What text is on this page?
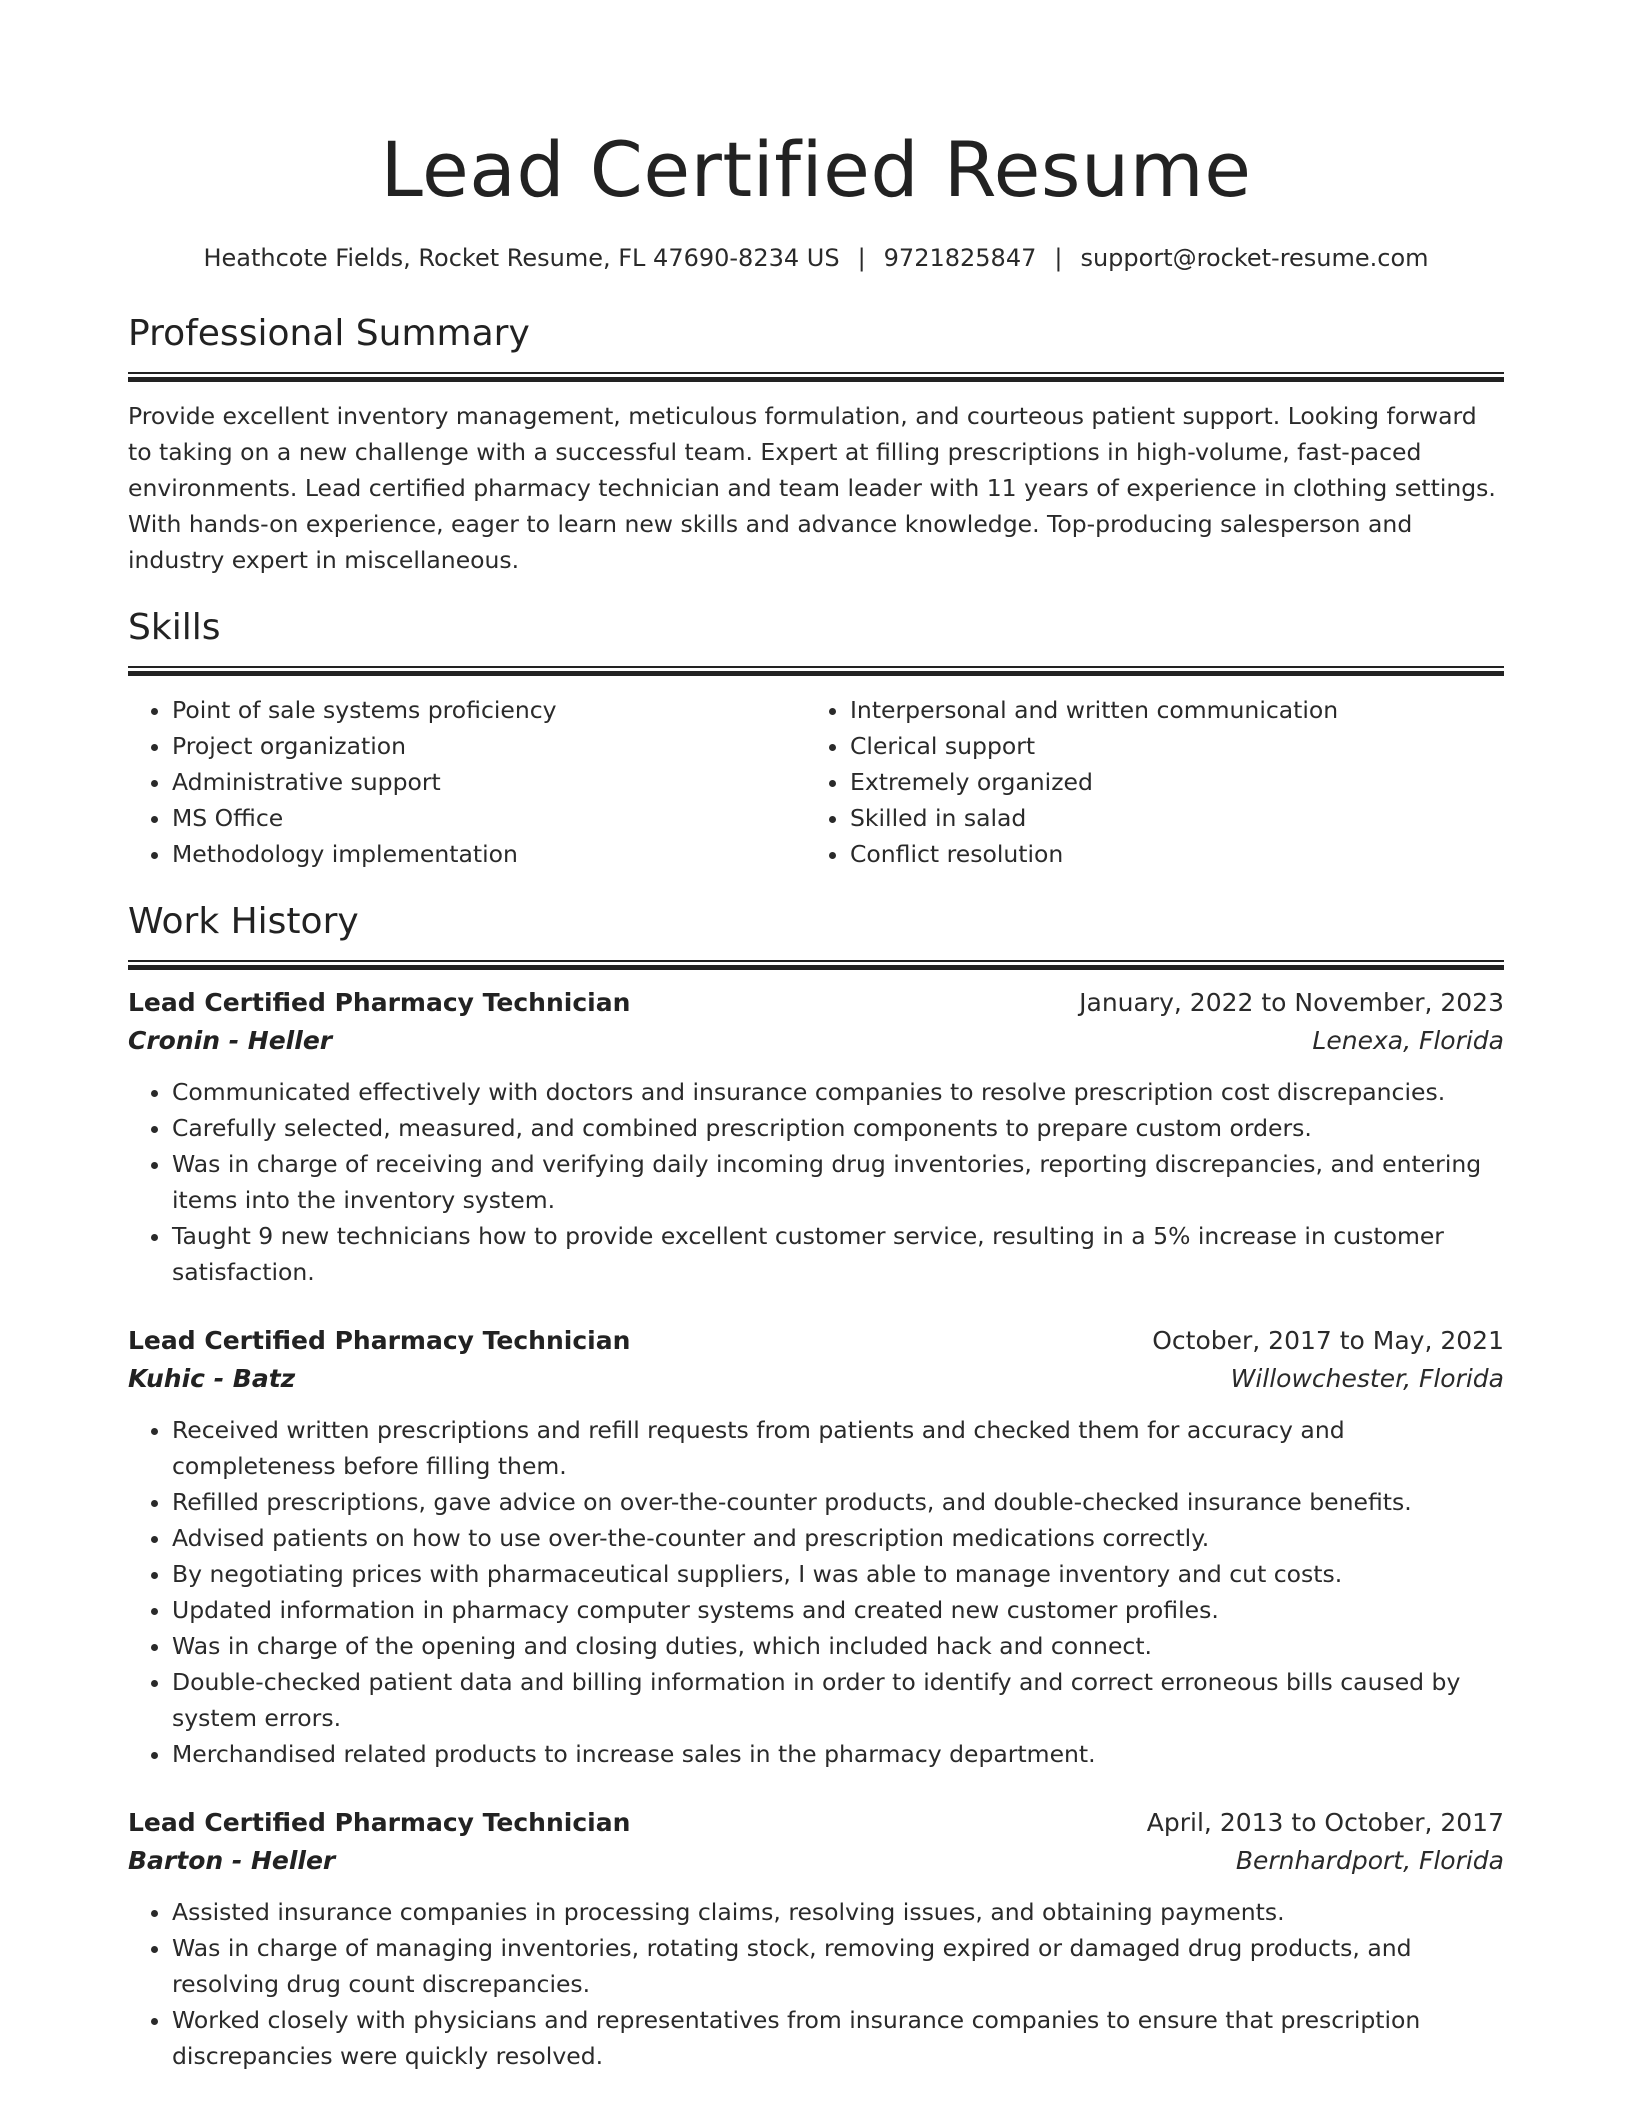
Lead Certified Resume
Heathcote Fields, Rocket Resume, FL 47690-8234 US | 9721825847 | support@rocket-resume.com
Professional Summary
Provide excellent inventory management, meticulous formulation, and courteous patient support. Looking forward to taking on a new challenge with a successful team. Expert at filling prescriptions in high-volume, fast-paced environments. Lead certified pharmacy technician and team leader with 11 years of experience in clothing settings. With hands-on experience, eager to learn new skills and advance knowledge. Top-producing salesperson and industry expert in miscellaneous.
Skills
• Point of sale systems proficiency
• Project organization
• Administrative support
• MS Office
• Methodology implementation
• Interpersonal and written communication
• Clerical support
• Extremely organized
• Skilled in salad
• Conflict resolution
Work History
Lead Certified Pharmacy Technician	January, 2022 to November, 2023
Cronin - Heller	Lenexa, Florida
• Communicated effectively with doctors and insurance companies to resolve prescription cost discrepancies.
• Carefully selected, measured, and combined prescription components to prepare custom orders.
• Was in charge of receiving and verifying daily incoming drug inventories, reporting discrepancies, and entering items into the inventory system.
• Taught 9 new technicians how to provide excellent customer service, resulting in a 5% increase in customer satisfaction.
Lead Certified Pharmacy Technician	October, 2017 to May, 2021
Kuhic - Batz	Willowchester, Florida
• Received written prescriptions and refill requests from patients and checked them for accuracy and completeness before filling them.
• Refilled prescriptions, gave advice on over-the-counter products, and double-checked insurance benefits.
• Advised patients on how to use over-the-counter and prescription medications correctly.
• By negotiating prices with pharmaceutical suppliers, I was able to manage inventory and cut costs.
• Updated information in pharmacy computer systems and created new customer profiles.
• Was in charge of the opening and closing duties, which included hack and connect.
• Double-checked patient data and billing information in order to identify and correct erroneous bills caused by system errors.
• Merchandised related products to increase sales in the pharmacy department.
Lead Certified Pharmacy Technician	April, 2013 to October, 2017
Barton - Heller	Bernhardport, Florida
• Assisted insurance companies in processing claims, resolving issues, and obtaining payments.
• Was in charge of managing inventories, rotating stock, removing expired or damaged drug products, and resolving drug count discrepancies.
• Worked closely with physicians and representatives from insurance companies to ensure that prescription discrepancies were quickly resolved.
